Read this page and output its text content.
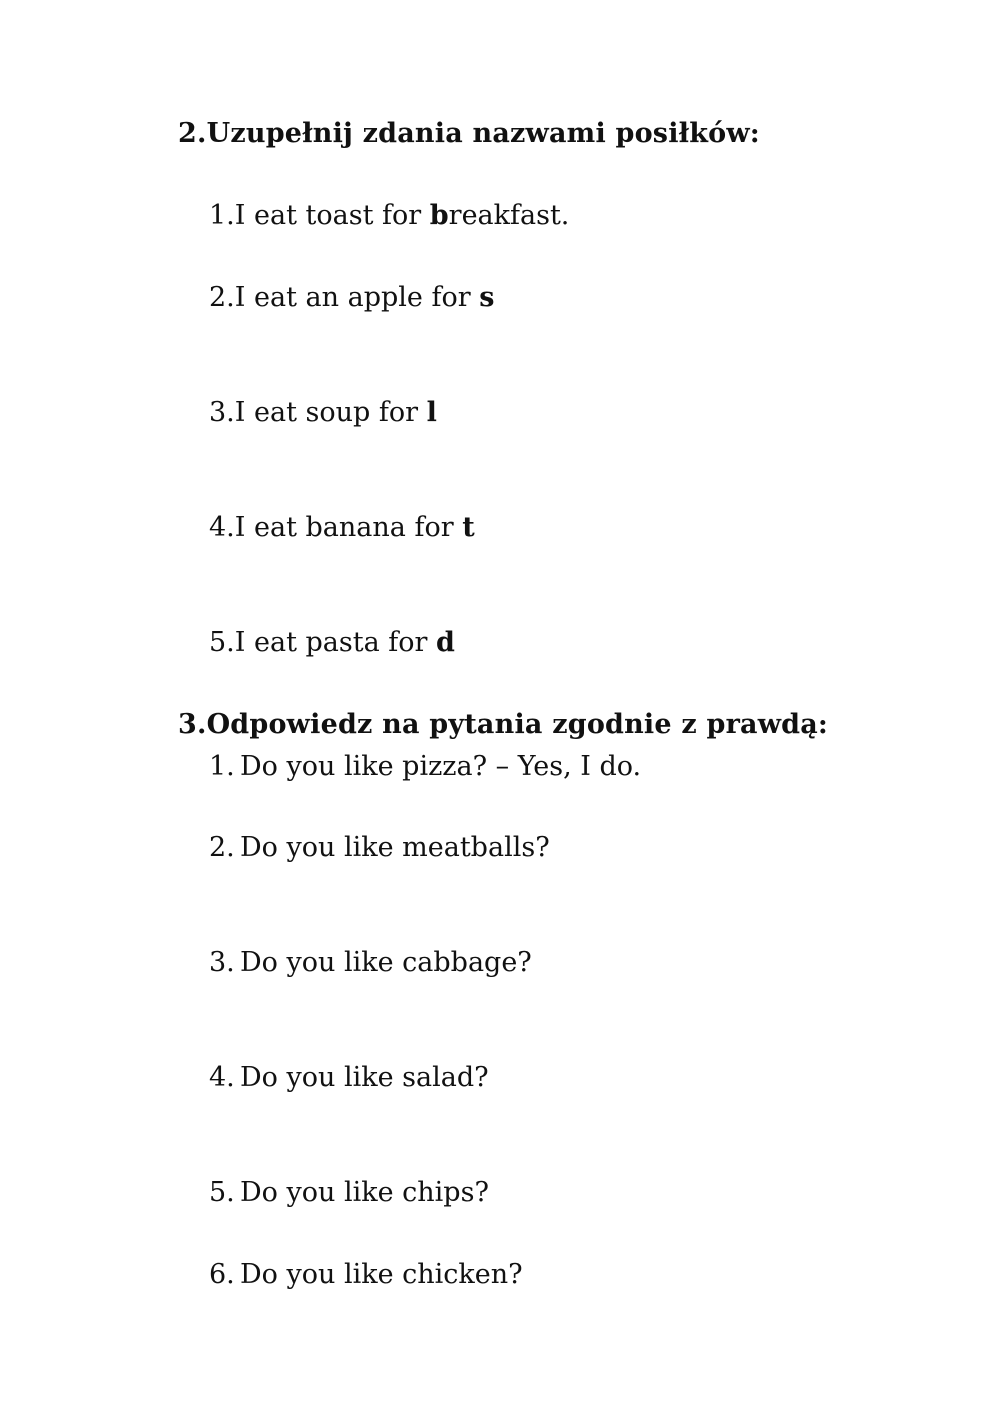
2.Uzupełnij zdania nazwami posiłków:
1.I eat toast for breakfast.
2.I eat an apple for s
3.I eat soup for l
4.I eat banana for t
5.I eat pasta for d
3.Odpowiedz na pytania zgodnie z prawdą:
1. Do you like pizza? – Yes, I do.
2. Do you like meatballs?
3. Do you like cabbage?
4. Do you like salad?
5. Do you like chips?
6. Do you like chicken?
